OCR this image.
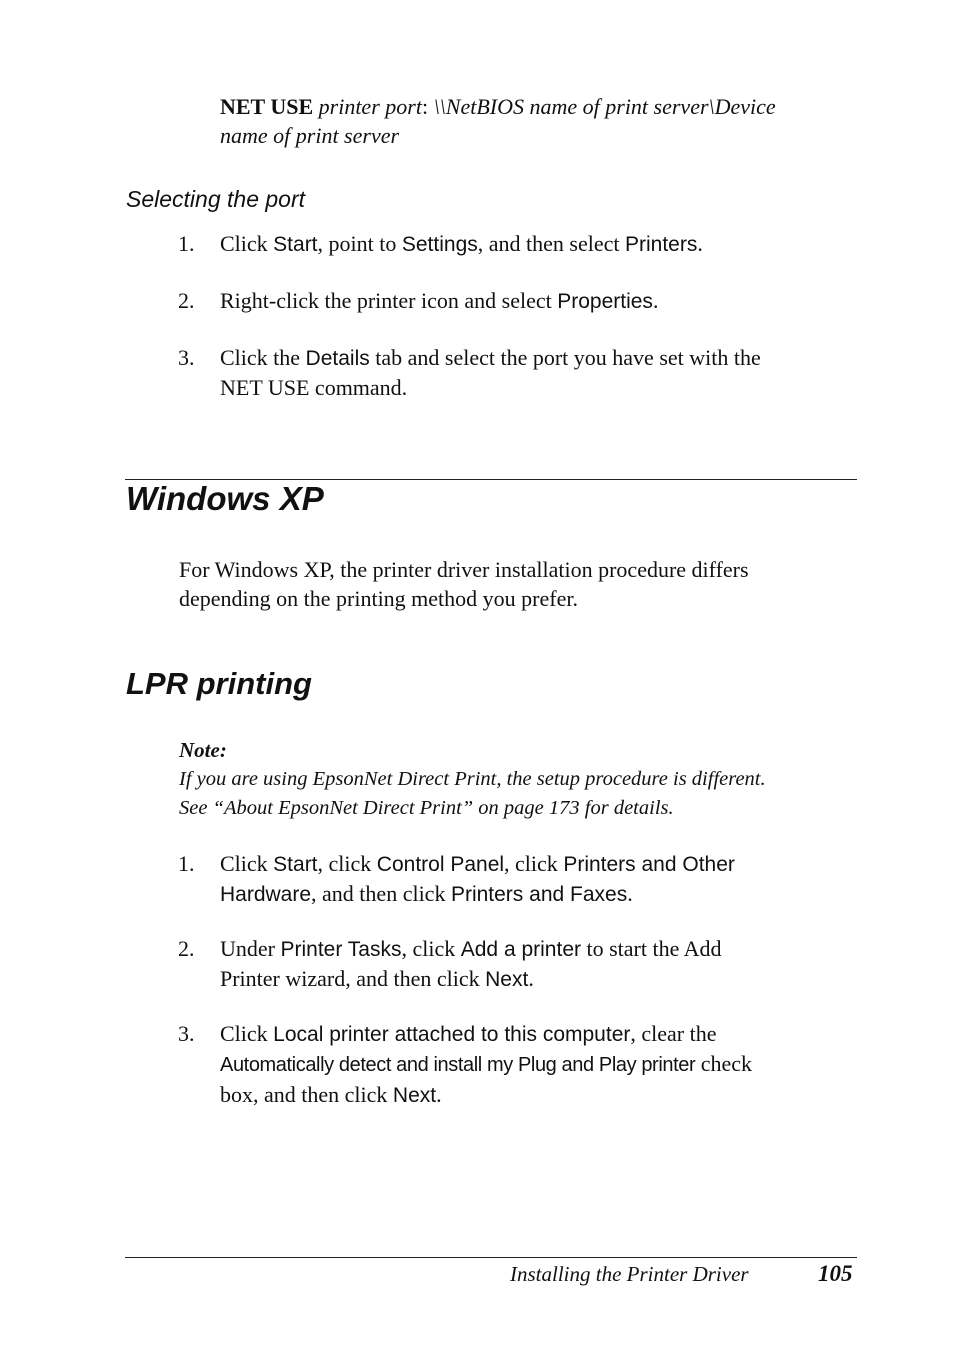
NET USE printer port: \\NetBIOS name of print server\Device
name of print server
Selecting the port
1.	Click Start, point to Settings, and then select Printers.
2.	Right-click the printer icon and select Properties.
3.	Click the Details tab and select the port you have set with the
NET USE command.
Windows XP
For Windows XP, the printer driver installation procedure differs
depending on the printing method you prefer.
LPR printing
Note:
If you are using EpsonNet Direct Print, the setup procedure is different.
See “About EpsonNet Direct Print” on page 173 for details.
1.	Click Start, click Control Panel, click Printers and Other
Hardware, and then click Printers and Faxes.
2.	Under Printer Tasks, click Add a printer to start the Add
Printer wizard, and then click Next.
3.	Click Local printer attached to this computer, clear the
Automatically detect and install my Plug and Play printer check
box, and then click Next.
Installing the Printer Driver	105
